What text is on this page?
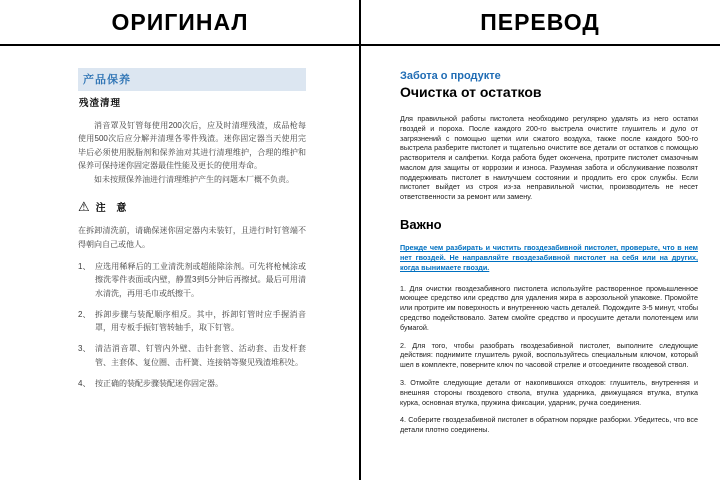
ОРИГИНАЛ	ПЕРЕВОД
产品保养
残渣清理

消音罩及钉管每使用200次后，应及时清理残渣，成品枪每使用500次后应分解并清理各零件残渣。迷你固定器当天使用完毕后必须使用脱脂剂和保养油对其进行清理维护，合理的维护和保养可保持迷你固定器最佳性能及更长的使用寿命。

如未按照保养油进行清理维护产生的问题本厂概不负责。

⚠ 注 意

在拆卸清洗前，请确保迷你固定器内未装钉，且进行时钉管端不得朝向自己或他人。

1、 应选用稀释后的工业清洗剂或超能除涂剂。可先将枪械涂或擦洗零件表面或内壁，静置3到5分钟后再擦拭。最后可用清水清洗，再用毛巾或纸擦干。
2、 拆卸步骤与装配顺序相反。其中，拆卸钉管时应手握消音罩，用专板手振钉管转轴手，取下钉管。
3、 清洁消音罩、钉管内外壁、击针套管、活动套、击发杆套管、主套体、复位圈、击杆簧、连接销等聚见残渣堆积处。
4、 按正确的装配步骤装配迷你固定器。
Забота о продукте
Очистка от остатков

Для правильной работы пистолета необходимо регулярно удалять из него остатки гвоздей и пороха. После каждого 200-го выстрела очистите глушитель и дуло от загрязнений с помощью щетки или сжатого воздуха, также после каждого 500-го выстрела разберите пистолет и тщательно очистите все детали от остатков с помощью растворителя и салфетки. Когда работа будет окончена, протрите пистолет смазочным маслом для защиты от коррозии и износа. Разумная забота и обслуживание позволят поддерживать пистолет в наилучшем состоянии и продлить его срок службы. Если пистолет выйдет из строя из-за неправильной чистки, производитель не несет ответственности за ремонт или замену.

Важно

Прежде чем разбирать и чистить гвоздезабивной пистолет, проверьте, что в нем нет гвоздей. Не направляйте гвоздезабивной пистолет на себя или на других, когда вынимаете гвозди.

1. Для очистки гвоздезабивного пистолета используйте растворенное промышленное моющее средство или средство для удаления жира в аэрозольной упаковке. Промойте или протрите им поверхность и внутреннюю часть деталей. Подождите 3-5 минут, чтобы средство подействовало. Затем смойте средство и просушите детали полотенцем или бумагой.

2. Для того, чтобы разобрать гвоздезабивной пистолет, выполните следующие действия: поднимите глушитель рукой, воспользуйтесь специальным ключом, который шел в комплекте, поверните ключ по часовой стрелке и отсоедините гвоздевой ствол.

3. Отмойте следующие детали от накопившихся отходов: глушитель, внутренняя и внешняя стороны гвоздевого ствола, втулка ударника, движущаяся втулка, втулка курка, основная втулка, пружина фиксации, ударник, ручка соединения.

4. Соберите гвоздезабивной пистолет в обратном порядке разборки. Убедитесь, что все детали плотно соединены.
